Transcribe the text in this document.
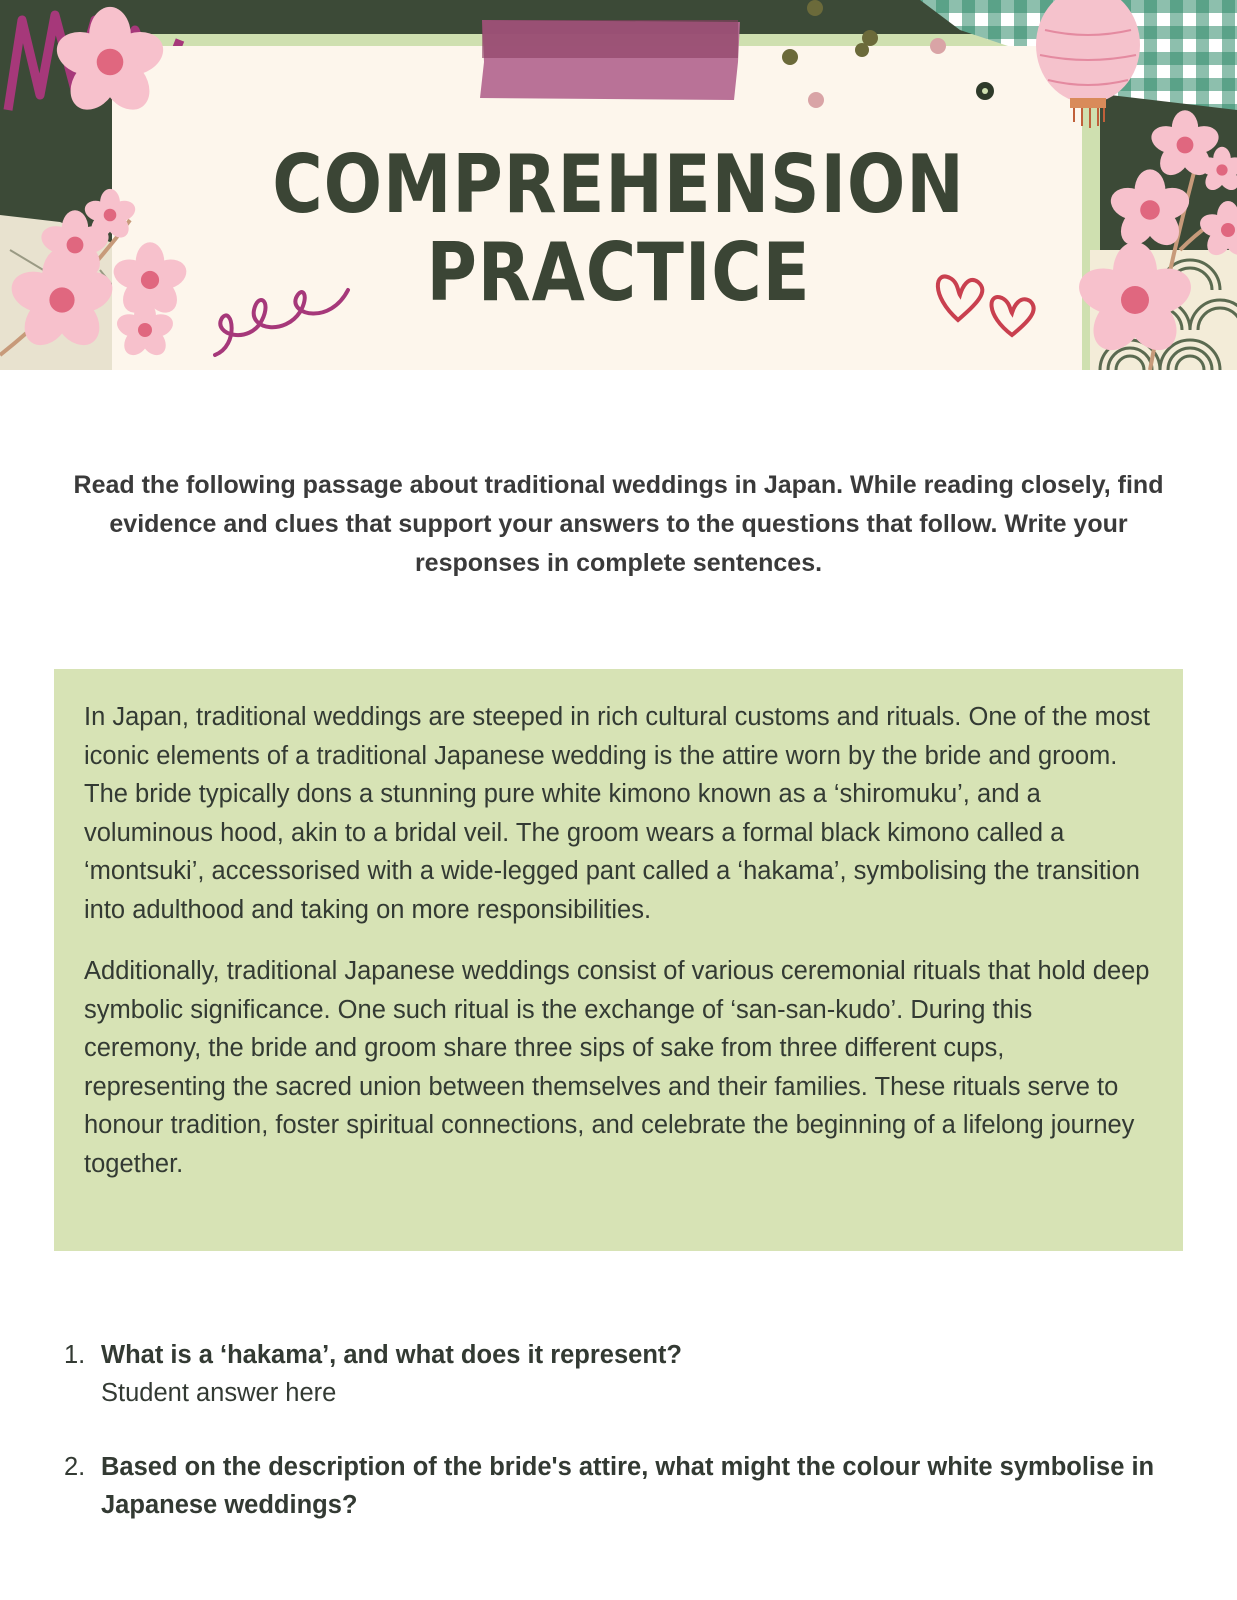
COMPREHENSION
PRACTICE
Read the following passage about traditional weddings in Japan. While reading closely, find evidence and clues that support your answers to the questions that follow. Write your responses in complete sentences.

In Japan, traditional weddings are steeped in rich cultural customs and rituals. One of the most iconic elements of a traditional Japanese wedding is the attire worn by the bride and groom. The bride typically dons a stunning pure white kimono known as a ‘shiromuku’, and a voluminous hood, akin to a bridal veil. The groom wears a formal black kimono called a ‘montsuki’, accessorised with a wide-legged pant called a ‘hakama’, symbolising the transition into adulthood and taking on more responsibilities.

Additionally, traditional Japanese weddings consist of various ceremonial rituals that hold deep symbolic significance. One such ritual is the exchange of ‘san-san-kudo’. During this ceremony, the bride and groom share three sips of sake from three different cups, representing the sacred union between themselves and their families. These rituals serve to honour tradition, foster spiritual connections, and celebrate the beginning of a lifelong journey together.

1. What is a ‘hakama’, and what does it represent?
Student answer here
2. Based on the description of the bride's attire, what might the colour white symbolise in Japanese weddings?
